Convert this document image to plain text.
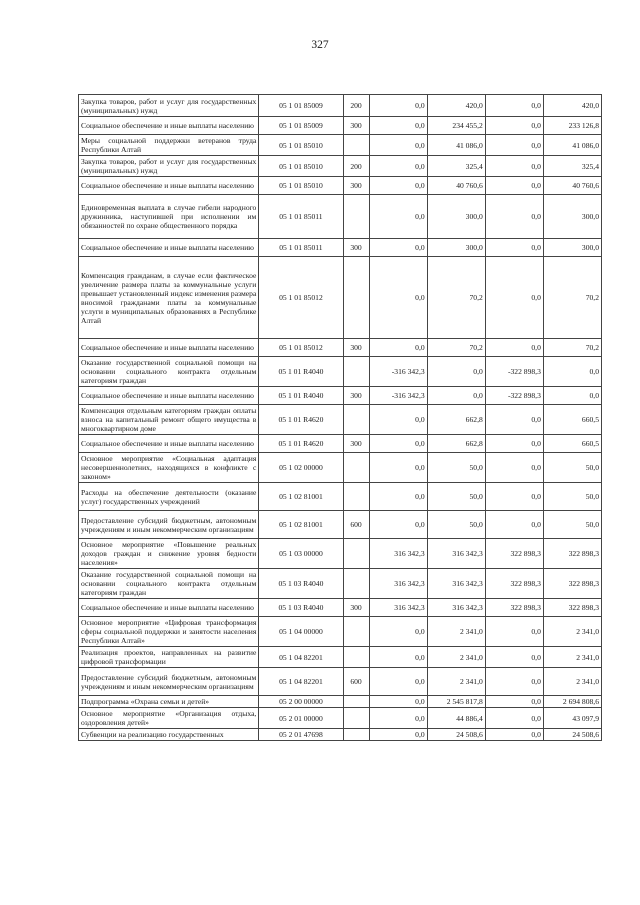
327
Закупка товаров, работ и услуг для государственных (муниципальных) нужд	05 1 01 85009	200	0,0	420,0	0,0	420,0
Социальное обеспечение и иные выплаты населению	05 1 01 85009	300	0,0	234 455,2	0,0	233 126,8
Меры социальной поддержки ветеранов труда Республики Алтай	05 1 01 85010		0,0	41 086,0	0,0	41 086,0
Закупка товаров, работ и услуг для государственных (муниципальных) нужд	05 1 01 85010	200	0,0	325,4	0,0	325,4
Социальное обеспечение и иные выплаты населению	05 1 01 85010	300	0,0	40 760,6	0,0	40 760,6
Единовременная выплата в случае гибели народного дружинника, наступившей при исполнении им обязанностей по охране общественного порядка	05 1 01 85011		0,0	300,0	0,0	300,0
Социальное обеспечение и иные выплаты населению	05 1 01 85011	300	0,0	300,0	0,0	300,0
Компенсация гражданам, в случае если фактическое увеличение размера платы за коммунальные услуги превышает установленный индекс изменения размера вносимой гражданами платы за коммунальные услуги в муниципальных образованиях в Республике Алтай	05 1 01 85012		0,0	70,2	0,0	70,2
Социальное обеспечение и иные выплаты населению	05 1 01 85012	300	0,0	70,2	0,0	70,2
Оказание государственной социальной помощи на основании социального контракта отдельным категориям граждан	05 1 01 R4040		-316 342,3	0,0	-322 898,3	0,0
Социальное обеспечение и иные выплаты населению	05 1 01 R4040	300	-316 342,3	0,0	-322 898,3	0,0
Компенсация отдельным категориям граждан оплаты взноса на капитальный ремонт общего имущества в многоквартирном доме	05 1 01 R4620		0,0	662,8	0,0	660,5
Социальное обеспечение и иные выплаты населению	05 1 01 R4620	300	0,0	662,8	0,0	660,5
Основное мероприятие «Социальная адаптация несовершеннолетних, находящихся в конфликте с законом»	05 1 02 00000		0,0	50,0	0,0	50,0
Расходы на обеспечение деятельности (оказание услуг) государственных учреждений	05 1 02 81001		0,0	50,0	0,0	50,0
Предоставление субсидий бюджетным, автономным учреждениям и иным некоммерческим организациям	05 1 02 81001	600	0,0	50,0	0,0	50,0
Основное мероприятие «Повышение реальных доходов граждан и снижение уровня бедности населения»	05 1 03 00000		316 342,3	316 342,3	322 898,3	322 898,3
Оказание государственной социальной помощи на основании социального контракта отдельным категориям граждан	05 1 03 R4040		316 342,3	316 342,3	322 898,3	322 898,3
Социальное обеспечение и иные выплаты населению	05 1 03 R4040	300	316 342,3	316 342,3	322 898,3	322 898,3
Основное мероприятие «Цифровая трансформация сферы социальной поддержки и занятости населения Республики Алтай»	05 1 04 00000		0,0	2 341,0	0,0	2 341,0
Реализация проектов, направленных на развитие цифровой трансформации	05 1 04 82201		0,0	2 341,0	0,0	2 341,0
Предоставление субсидий бюджетным, автономным учреждениям и иным некоммерческим организациям	05 1 04 82201	600	0,0	2 341,0	0,0	2 341,0
Подпрограмма «Охрана семьи и детей»	05 2 00 00000		0,0	2 545 817,8	0,0	2 694 808,6
Основное мероприятие «Организация отдыха, оздоровления детей»	05 2 01 00000		0,0	44 886,4	0,0	43 097,9
Субвенции на реализацию государственных	05 2 01 47698		0,0	24 508,6	0,0	24 508,6
